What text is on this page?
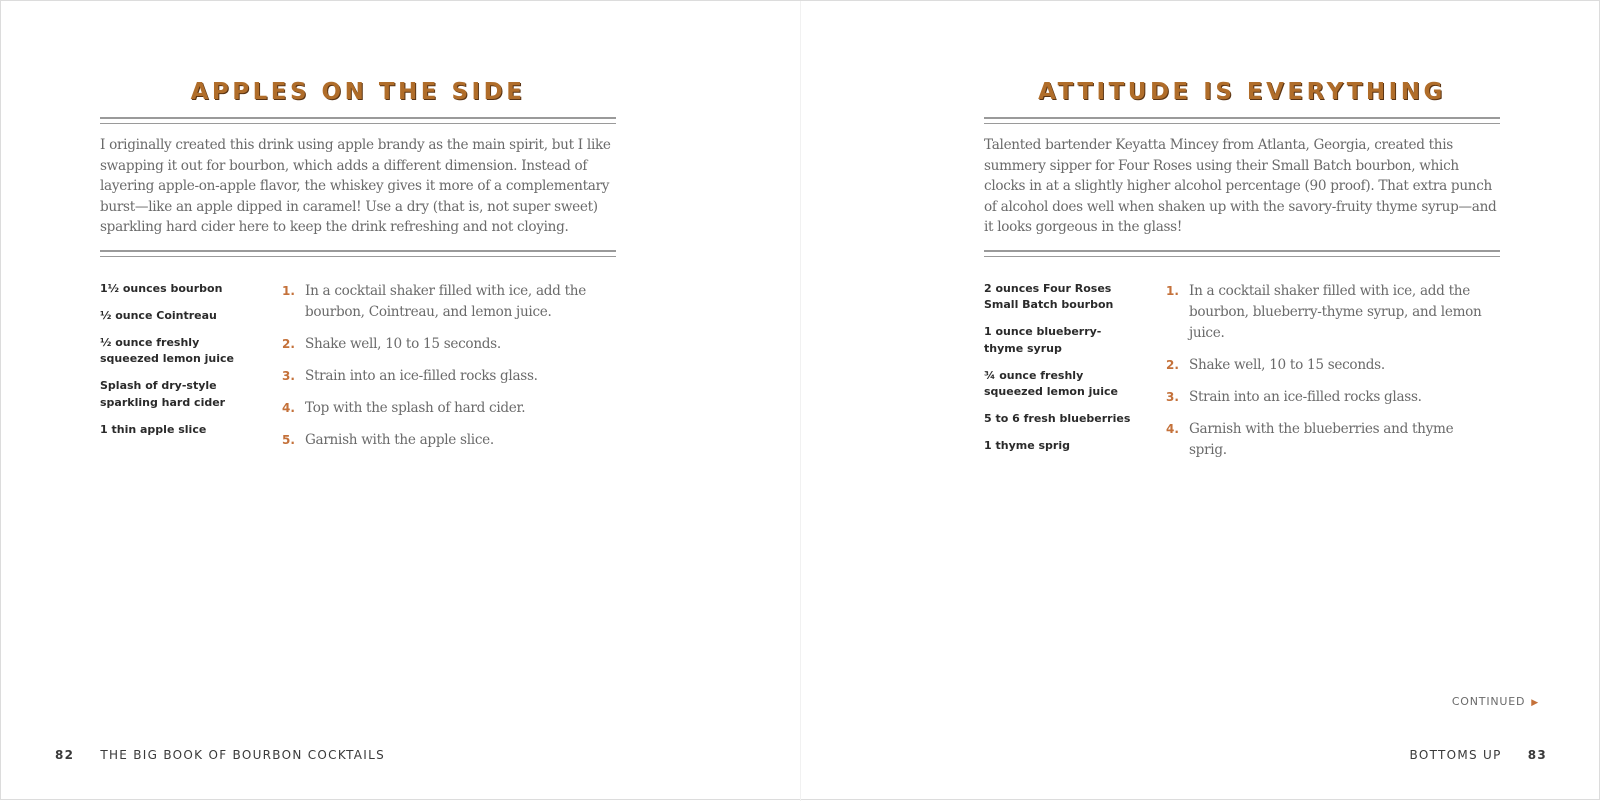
APPLES ON THE SIDE

I originally created this drink using apple brandy as the main spirit, but I like swapping it out for bourbon, which adds a different dimension. Instead of layering apple-on-apple flavor, the whiskey gives it more of a complementary burst—like an apple dipped in caramel! Use a dry (that is, not super sweet) sparkling hard cider here to keep the drink refreshing and not cloying.

1½ ounces bourbon
½ ounce Cointreau
½ ounce freshly squeezed lemon juice
Splash of dry-style sparkling hard cider
1 thin apple slice
1. In a cocktail shaker filled with ice, add the bourbon, Cointreau, and lemon juice.
2. Shake well, 10 to 15 seconds.
3. Strain into an ice-filled rocks glass.
4. Top with the splash of hard cider.
5. Garnish with the apple slice.
82 THE BIG BOOK OF BOURBON COCKTAILS
ATTITUDE IS EVERYTHING

Talented bartender Keyatta Mincey from Atlanta, Georgia, created this summery sipper for Four Roses using their Small Batch bourbon, which clocks in at a slightly higher alcohol percentage (90 proof). That extra punch of alcohol does well when shaken up with the savory-fruity thyme syrup—and it looks gorgeous in the glass!

2 ounces Four Roses Small Batch bourbon
1 ounce blueberry-thyme syrup
¾ ounce freshly squeezed lemon juice
5 to 6 fresh blueberries
1 thyme sprig
1. In a cocktail shaker filled with ice, add the bourbon, blueberry-thyme syrup, and lemon juice.
2. Shake well, 10 to 15 seconds.
3. Strain into an ice-filled rocks glass.
4. Garnish with the blueberries and thyme sprig.
CONTINUED ▶
BOTTOMS UP 83
